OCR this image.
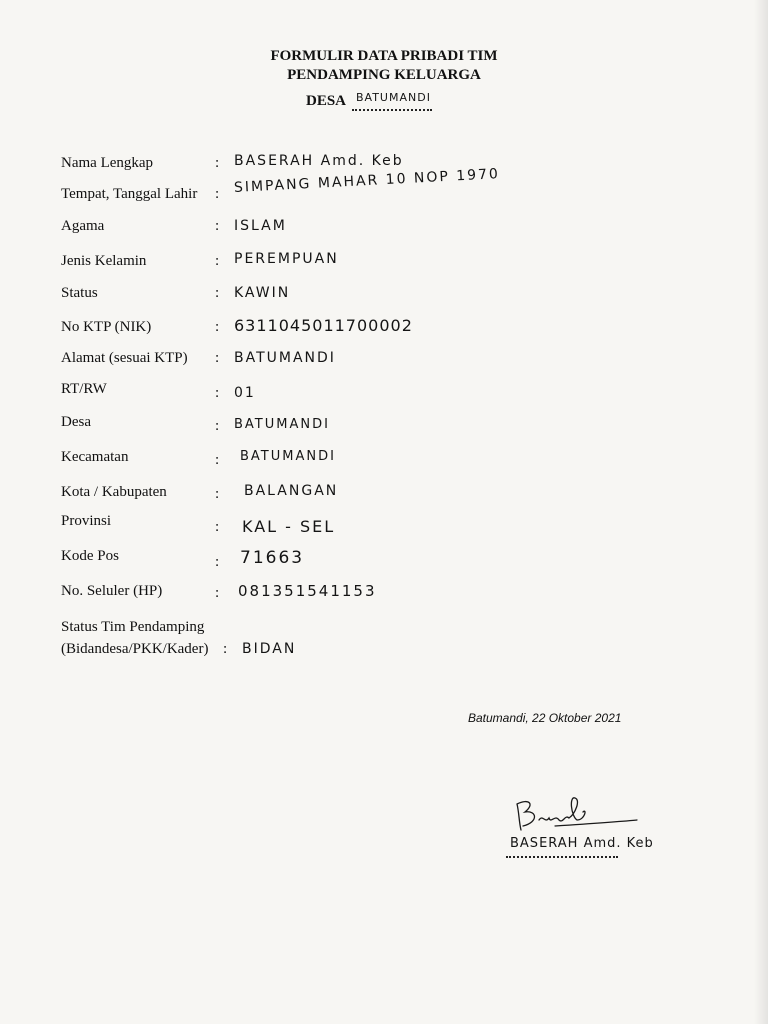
FORMULIR DATA PRIBADI TIM
PENDAMPING KELUARGA
DESA BATUMANDI
Nama Lengkap	: BASERAH Amd. Keb
Tempat, Tanggal Lahir : SIMPANG MAHAR 10 NOP 1970
Agama	: ISLAM
Jenis Kelamin	: PEREMPUAN
Status	: KAWIN
No KTP (NIK)	: 6311045011700002
Alamat (sesuai KTP) : BATUMANDI
RT/RW	: 01
Desa	: BATUMANDI
Kecamatan	: BATUMANDI
Kota / Kabupaten	: BALANGAN
Provinsi	: KAL - SEL
Kode Pos	: 71663
No. Seluler (HP)	: 081351541153
Status Tim Pendamping
(Bidandesa/PKK/Kader) : BIDAN
Batumandi, 22 Oktober 2021
BASERAH Amd. Keb
